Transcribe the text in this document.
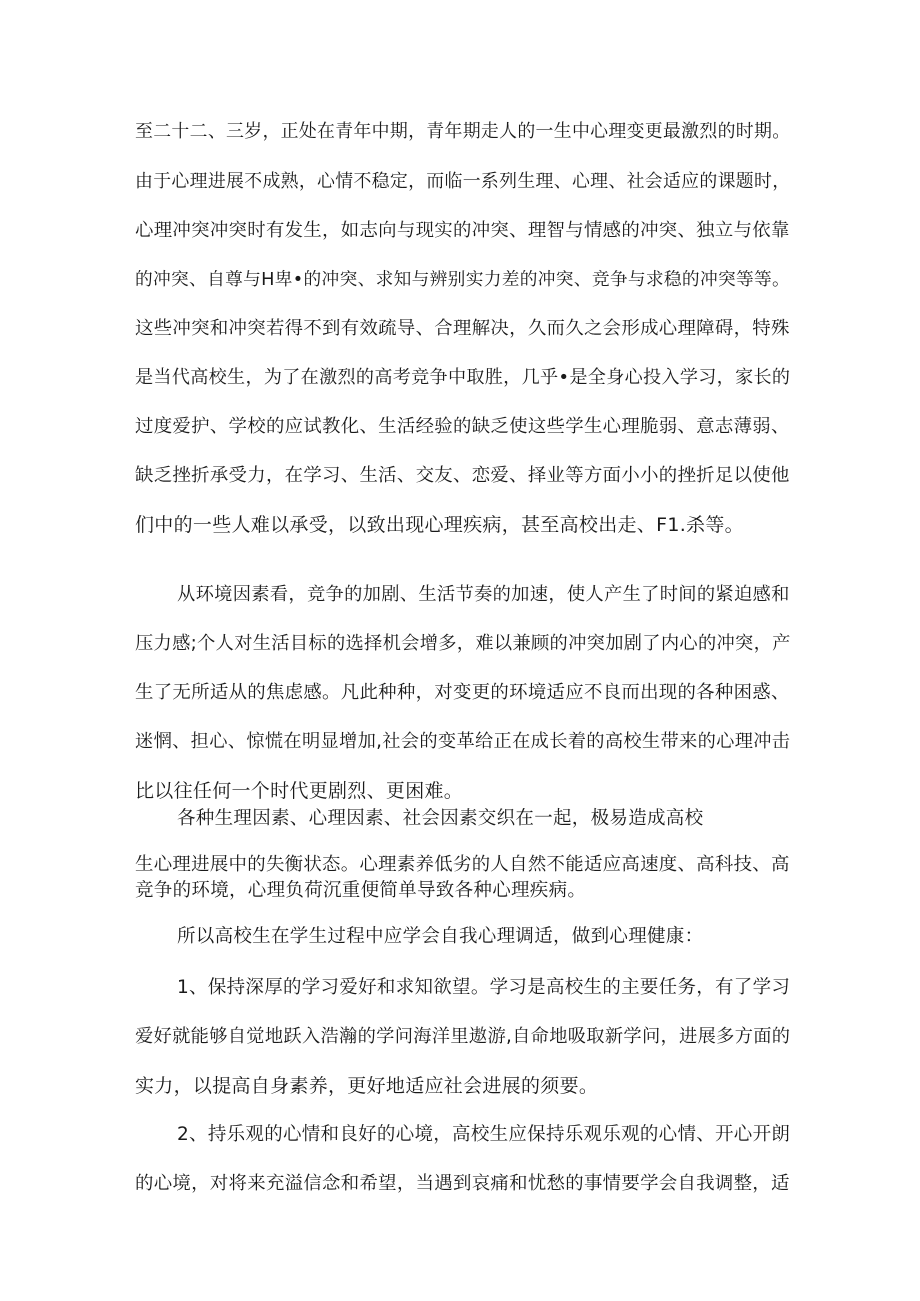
至二十二、三岁，正处在青年中期，青年期走人的一生中心理变更最激烈的时期。
由于心理进展不成熟，心情不稳定，而临一系列生理、心理、社会适应的课题时，
心理冲突冲突时有发生，如志向与现实的冲突、理智与情感的冲突、独立与依靠
的冲突、自尊与H卑•的冲突、求知与辨别实力差的冲突、竞争与求稳的冲突等等。
这些冲突和冲突若得不到有效疏导、合理解决，久而久之会形成心理障碍，特殊
是当代高校生，为了在激烈的高考竞争中取胜，几乎•是全身心投入学习，家长的
过度爱护、学校的应试教化、生活经验的缺乏使这些学生心理脆弱、意志薄弱、
缺乏挫折承受力，在学习、生活、交友、恋爱、择业等方面小小的挫折足以使他
们中的一些人难以承受，以致出现心理疾病，甚至高校出走、F1.杀等。
从环境因素看，竞争的加剧、生活节奏的加速，使人产生了时间的紧迫感和
压力感;个人对生活目标的选择机会增多，难以兼顾的冲突加剧了内心的冲突，产
生了无所适从的焦虑感。凡此种种，对变更的环境适应不良而出现的各种困惑、
迷惘、担心、惊慌在明显增加,社会的变革给正在成长着的高校生带来的心理冲击
比以往任何一个时代更剧烈、更困难。
各种生理因素、心理因素、社会因素交织在一起，极易造成高校
生心理进展中的失衡状态。心理素养低劣的人自然不能适应高速度、高科技、高
竞争的环境，心理负荷沉重便简单导致各种心理疾病。
所以高校生在学生过程中应学会自我心理调适，做到心理健康：
1、保持深厚的学习爱好和求知欲望。学习是高校生的主要任务，有了学习
爱好就能够自觉地跃入浩瀚的学问海洋里遨游,自命地吸取新学问，进展多方面的
实力，以提高自身素养，更好地适应社会进展的须要。
2、持乐观的心情和良好的心境，高校生应保持乐观乐观的心情、开心开朗
的心境，对将来充溢信念和希望，当遇到哀痛和忧愁的事情要学会自我调整，适
